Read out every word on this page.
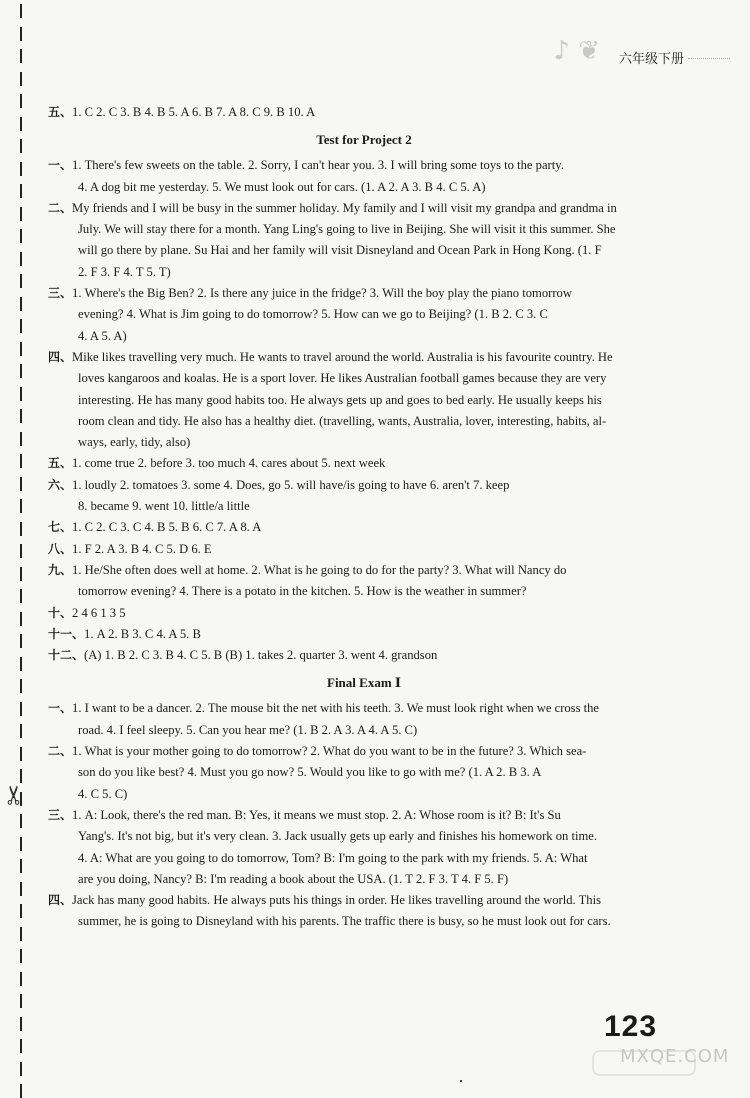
✂
♪ ❦ 六年级下册
五、1. C 2. C 3. B 4. B 5. A 6. B 7. A 8. C 9. B 10. A
Test for Project 2
一、1. There's few sweets on the table. 2. Sorry, I can't hear you. 3. I will bring some toys to the party.
4. A dog bit me yesterday. 5. We must look out for cars. (1. A 2. A 3. B 4. C 5. A)
二、My friends and I will be busy in the summer holiday. My family and I will visit my grandpa and grandma in
July. We will stay there for a month. Yang Ling's going to live in Beijing. She will visit it this summer. She
will go there by plane. Su Hai and her family will visit Disneyland and Ocean Park in Hong Kong. (1. F
2. F 3. F 4. T 5. T)
三、1. Where's the Big Ben? 2. Is there any juice in the fridge? 3. Will the boy play the piano tomorrow
evening? 4. What is Jim going to do tomorrow? 5. How can we go to Beijing? (1. B 2. C 3. C
4. A 5. A)
四、Mike likes travelling very much. He wants to travel around the world. Australia is his favourite country. He
loves kangaroos and koalas. He is a sport lover. He likes Australian football games because they are very
interesting. He has many good habits too. He always gets up and goes to bed early. He usually keeps his
room clean and tidy. He also has a healthy diet. (travelling, wants, Australia, lover, interesting, habits, al-
ways, early, tidy, also)
五、1. come true 2. before 3. too much 4. cares about 5. next week
六、1. loudly 2. tomatoes 3. some 4. Does, go 5. will have/is going to have 6. aren't 7. keep
8. became 9. went 10. little/a little
七、1. C 2. C 3. C 4. B 5. B 6. C 7. A 8. A
八、1. F 2. A 3. B 4. C 5. D 6. E
九、1. He/She often does well at home. 2. What is he going to do for the party? 3. What will Nancy do
tomorrow evening? 4. There is a potato in the kitchen. 5. How is the weather in summer?
十、2 4 6 1 3 5
十一、1. A 2. B 3. C 4. A 5. B
十二、(A) 1. B 2. C 3. B 4. C 5. B (B) 1. takes 2. quarter 3. went 4. grandson
Final Exam Ⅰ
一、1. I want to be a dancer. 2. The mouse bit the net with his teeth. 3. We must look right when we cross the
road. 4. I feel sleepy. 5. Can you hear me? (1. B 2. A 3. A 4. A 5. C)
二、1. What is your mother going to do tomorrow? 2. What do you want to be in the future? 3. Which sea-
son do you like best? 4. Must you go now? 5. Would you like to go with me? (1. A 2. B 3. A
4. C 5. C)
三、1. A: Look, there's the red man. B: Yes, it means we must stop. 2. A: Whose room is it? B: It's Su
Yang's. It's not big, but it's very clean. 3. Jack usually gets up early and finishes his homework on time.
4. A: What are you going to do tomorrow, Tom? B: I'm going to the park with my friends. 5. A: What
are you doing, Nancy? B: I'm reading a book about the USA. (1. T 2. F 3. T 4. F 5. F)
四、Jack has many good habits. He always puts his things in order. He likes travelling around the world. This
summer, he is going to Disneyland with his parents. The traffic there is busy, so he must look out for cars.
123
MXQE.COM
